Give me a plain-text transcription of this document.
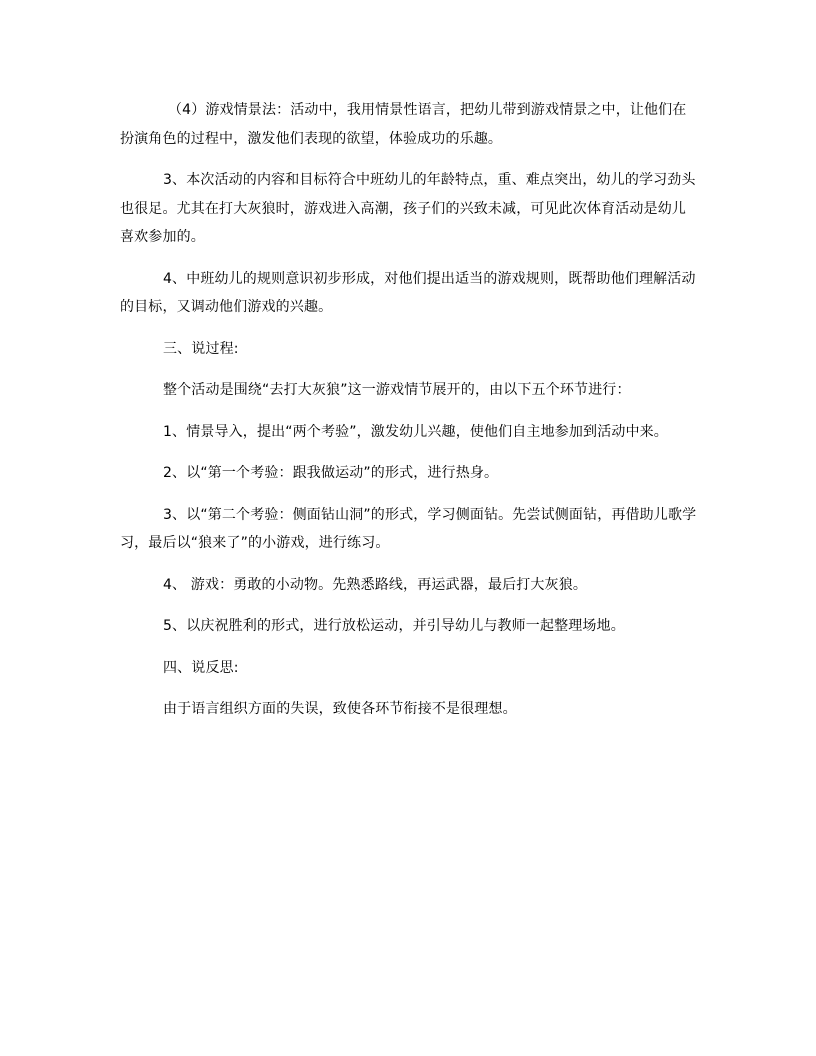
（4）游戏情景法：活动中，我用情景性语言，把幼儿带到游戏情景之中，让他们在扮演角色的过程中，激发他们表现的欲望，体验成功的乐趣。

3、本次活动的内容和目标符合中班幼儿的年龄特点，重、难点突出，幼儿的学习劲头也很足。尤其在打大灰狼时，游戏进入高潮，孩子们的兴致未减，可见此次体育活动是幼儿喜欢参加的。

4、中班幼儿的规则意识初步形成，对他们提出适当的游戏规则，既帮助他们理解活动的目标，又调动他们游戏的兴趣。

三、说过程:

整个活动是围绕“去打大灰狼”这一游戏情节展开的，由以下五个环节进行：

1、情景导入，提出“两个考验”，激发幼儿兴趣，使他们自主地参加到活动中来。

2、以“第一个考验：跟我做运动”的形式，进行热身。

3、以“第二个考验：侧面钻山洞”的形式，学习侧面钻。先尝试侧面钻，再借助儿歌学习，最后以“狼来了”的小游戏，进行练习。

4、 游戏：勇敢的小动物。先熟悉路线，再运武器，最后打大灰狼。

5、以庆祝胜利的形式，进行放松运动，并引导幼儿与教师一起整理场地。

四、说反思:

由于语言组织方面的失误，致使各环节衔接不是很理想。
